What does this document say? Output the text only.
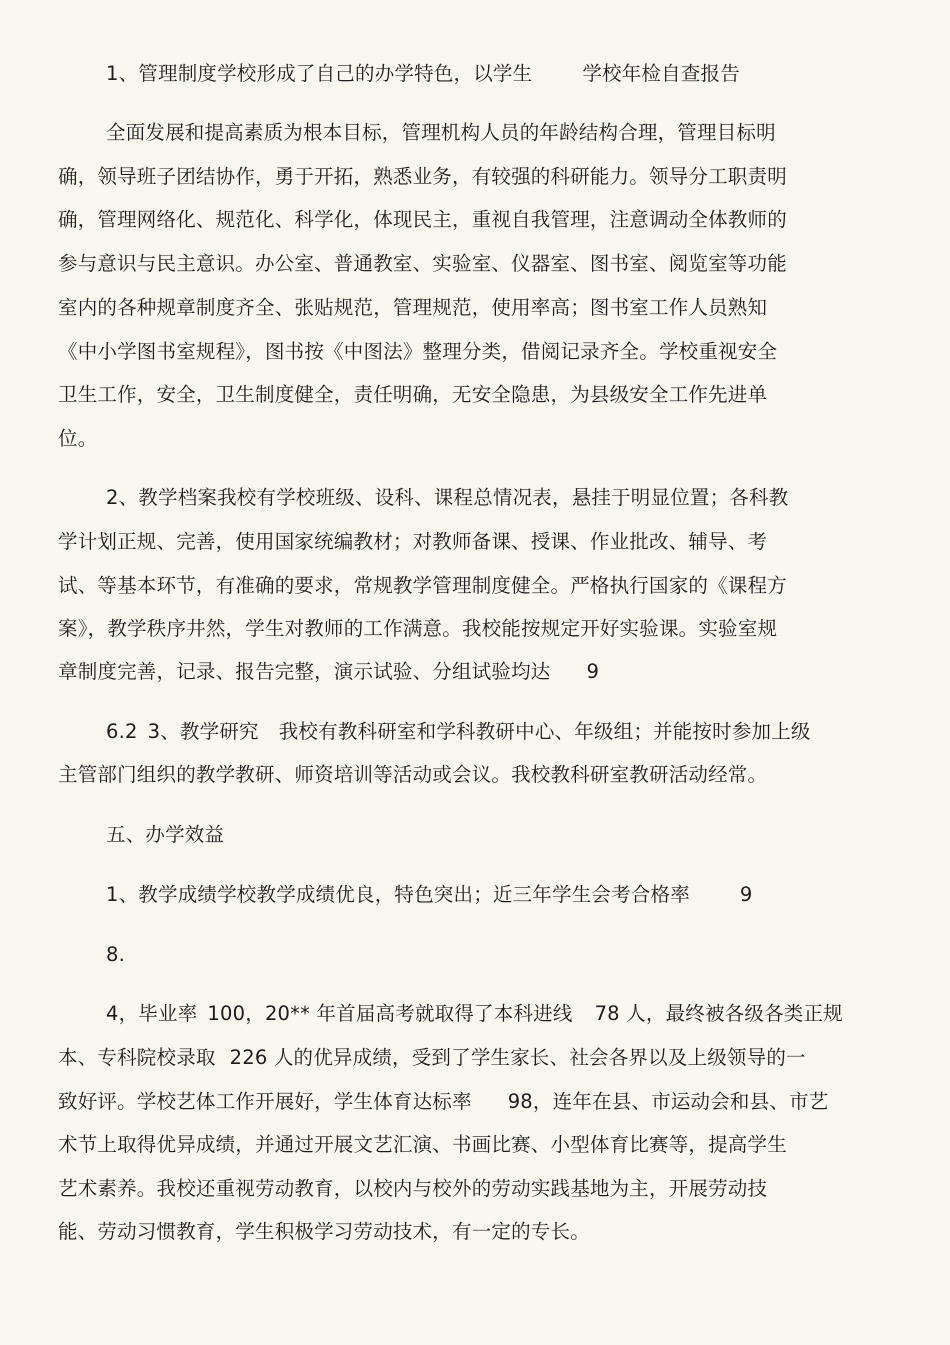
1、管理制度学校形成了自己的办学特色，以学生	学校年检自查报告
全面发展和提高素质为根本目标，管理机构人员的年龄结构合理，管理目标明
确，领导班子团结协作，勇于开拓，熟悉业务，有较强的科研能力。领导分工职责明
确，管理网络化、规范化、科学化，体现民主，重视自我管理，注意调动全体教师的
参与意识与民主意识。办公室、普通教室、实验室、仪器室、图书室、阅览室等功能
室内的各种规章制度齐全、张贴规范，管理规范，使用率高；图书室工作人员熟知
《中小学图书室规程》，图书按《中图法》整理分类，借阅记录齐全。学校重视安全
卫生工作，安全，卫生制度健全，责任明确，无安全隐患，为县级安全工作先进单
位。
2、教学档案我校有学校班级、设科、课程总情况表，悬挂于明显位置；各科教
学计划正规、完善，使用国家统编教材；对教师备课、授课、作业批改、辅导、考
试、等基本环节，有准确的要求，常规教学管理制度健全。严格执行国家的《课程方
案》，教学秩序井然，学生对教师的工作满意。我校能按规定开好实验课。实验室规
章制度完善，记录、报告完整，演示试验、分组试验均达 9
6.2 3、教学研究 我校有教科研室和学科教研中心、年级组；并能按时参加上级
主管部门组织的教学教研、师资培训等活动或会议。我校教科研室教研活动经常。
五、办学效益
1、教学成绩学校教学成绩优良，特色突出；近三年学生会考合格率	9
8.
4，毕业率 100，20** 年首届高考就取得了本科进线 78 人，最终被各级各类正规
本、专科院校录取 226 人的优异成绩，受到了学生家长、社会各界以及上级领导的一
致好评。学校艺体工作开展好，学生体育达标率 98，连年在县、市运动会和县、市艺
术节上取得优异成绩，并通过开展文艺汇演、书画比赛、小型体育比赛等，提高学生
艺术素养。我校还重视劳动教育，以校内与校外的劳动实践基地为主，开展劳动技
能、劳动习惯教育，学生积极学习劳动技术，有一定的专长。
